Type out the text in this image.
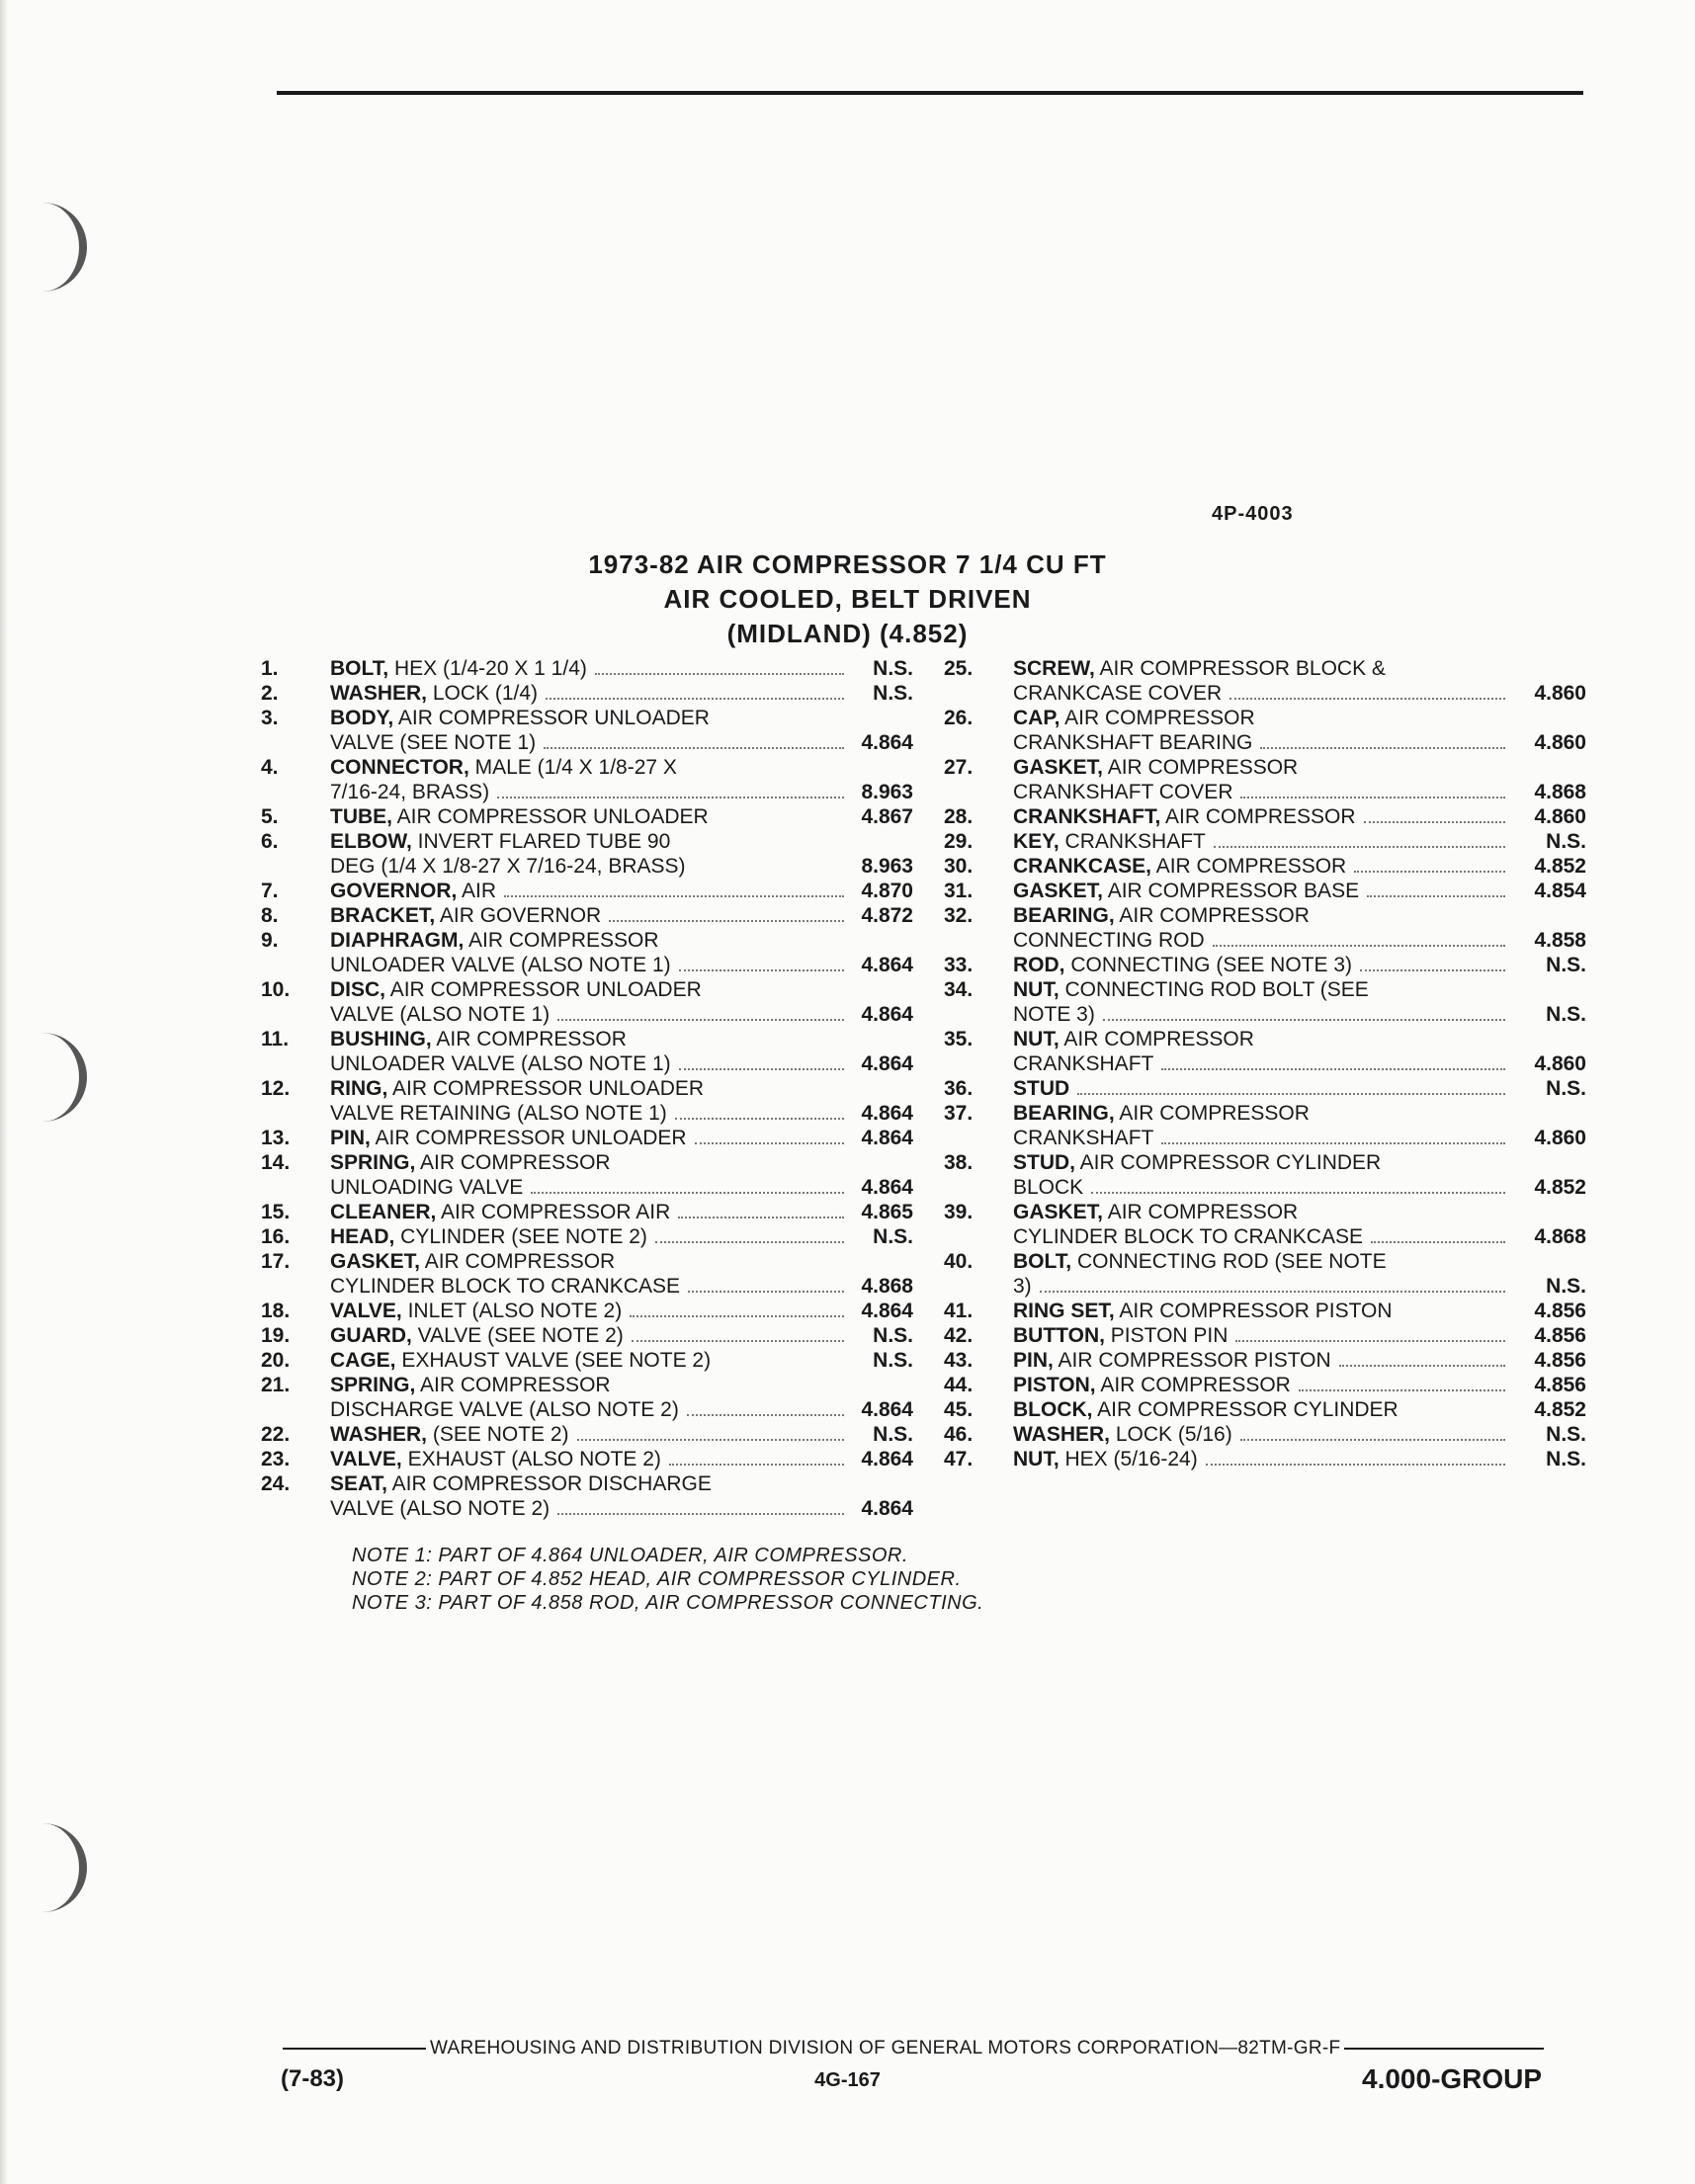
4P-4003
1973-82 AIR COMPRESSOR 7 1/4 CU FT
AIR COOLED, BELT DRIVEN
(MIDLAND) (4.852)
1.	BOLT, HEX (1/4-20 X 1 1/4)	N.S.
2.	WASHER, LOCK (1/4)	N.S.
3.	BODY, AIR COMPRESSOR UNLOADER
VALVE (SEE NOTE 1)	4.864
4.	CONNECTOR, MALE (1/4 X 1/8-27 X
7/16-24, BRASS)	8.963
5.	TUBE, AIR COMPRESSOR UNLOADER	4.867
6.	ELBOW, INVERT FLARED TUBE 90
DEG (1/4 X 1/8-27 X 7/16-24, BRASS)	8.963
7.	GOVERNOR, AIR	4.870
8.	BRACKET, AIR GOVERNOR	4.872
9.	DIAPHRAGM, AIR COMPRESSOR
UNLOADER VALVE (ALSO NOTE 1)	4.864
10.	DISC, AIR COMPRESSOR UNLOADER
VALVE (ALSO NOTE 1)	4.864
11.	BUSHING, AIR COMPRESSOR
UNLOADER VALVE (ALSO NOTE 1)	4.864
12.	RING, AIR COMPRESSOR UNLOADER
VALVE RETAINING (ALSO NOTE 1)	4.864
13.	PIN, AIR COMPRESSOR UNLOADER	4.864
14.	SPRING, AIR COMPRESSOR
UNLOADING VALVE	4.864
15.	CLEANER, AIR COMPRESSOR AIR	4.865
16.	HEAD, CYLINDER (SEE NOTE 2)	N.S.
17.	GASKET, AIR COMPRESSOR
CYLINDER BLOCK TO CRANKCASE	4.868
18.	VALVE, INLET (ALSO NOTE 2)	4.864
19.	GUARD, VALVE (SEE NOTE 2)	N.S.
20.	CAGE, EXHAUST VALVE (SEE NOTE 2)	N.S.
21.	SPRING, AIR COMPRESSOR
DISCHARGE VALVE (ALSO NOTE 2)	4.864
22.	WASHER, (SEE NOTE 2)	N.S.
23.	VALVE, EXHAUST (ALSO NOTE 2)	4.864
24.	SEAT, AIR COMPRESSOR DISCHARGE
VALVE (ALSO NOTE 2)	4.864
25.	SCREW, AIR COMPRESSOR BLOCK &
CRANKCASE COVER	4.860
26.	CAP, AIR COMPRESSOR
CRANKSHAFT BEARING	4.860
27.	GASKET, AIR COMPRESSOR
CRANKSHAFT COVER	4.868
28.	CRANKSHAFT, AIR COMPRESSOR	4.860
29.	KEY, CRANKSHAFT	N.S.
30.	CRANKCASE, AIR COMPRESSOR	4.852
31.	GASKET, AIR COMPRESSOR BASE	4.854
32.	BEARING, AIR COMPRESSOR
CONNECTING ROD	4.858
33.	ROD, CONNECTING (SEE NOTE 3)	N.S.
34.	NUT, CONNECTING ROD BOLT (SEE
NOTE 3)	N.S.
35.	NUT, AIR COMPRESSOR
CRANKSHAFT	4.860
36.	STUD	N.S.
37.	BEARING, AIR COMPRESSOR
CRANKSHAFT	4.860
38.	STUD, AIR COMPRESSOR CYLINDER
BLOCK	4.852
39.	GASKET, AIR COMPRESSOR
CYLINDER BLOCK TO CRANKCASE	4.868
40.	BOLT, CONNECTING ROD (SEE NOTE
3)	N.S.
41.	RING SET, AIR COMPRESSOR PISTON	4.856
42.	BUTTON, PISTON PIN	4.856
43.	PIN, AIR COMPRESSOR PISTON	4.856
44.	PISTON, AIR COMPRESSOR	4.856
45.	BLOCK, AIR COMPRESSOR CYLINDER	4.852
46.	WASHER, LOCK (5/16)	N.S.
47.	NUT, HEX (5/16-24)	N.S.
NOTE 1: PART OF 4.864 UNLOADER, AIR COMPRESSOR.
NOTE 2: PART OF 4.852 HEAD, AIR COMPRESSOR CYLINDER.
NOTE 3: PART OF 4.858 ROD, AIR COMPRESSOR CONNECTING.
WAREHOUSING AND DISTRIBUTION DIVISION OF GENERAL MOTORS CORPORATION—82TM-GR-F
(7-83)	4G-167	4.000-GROUP
